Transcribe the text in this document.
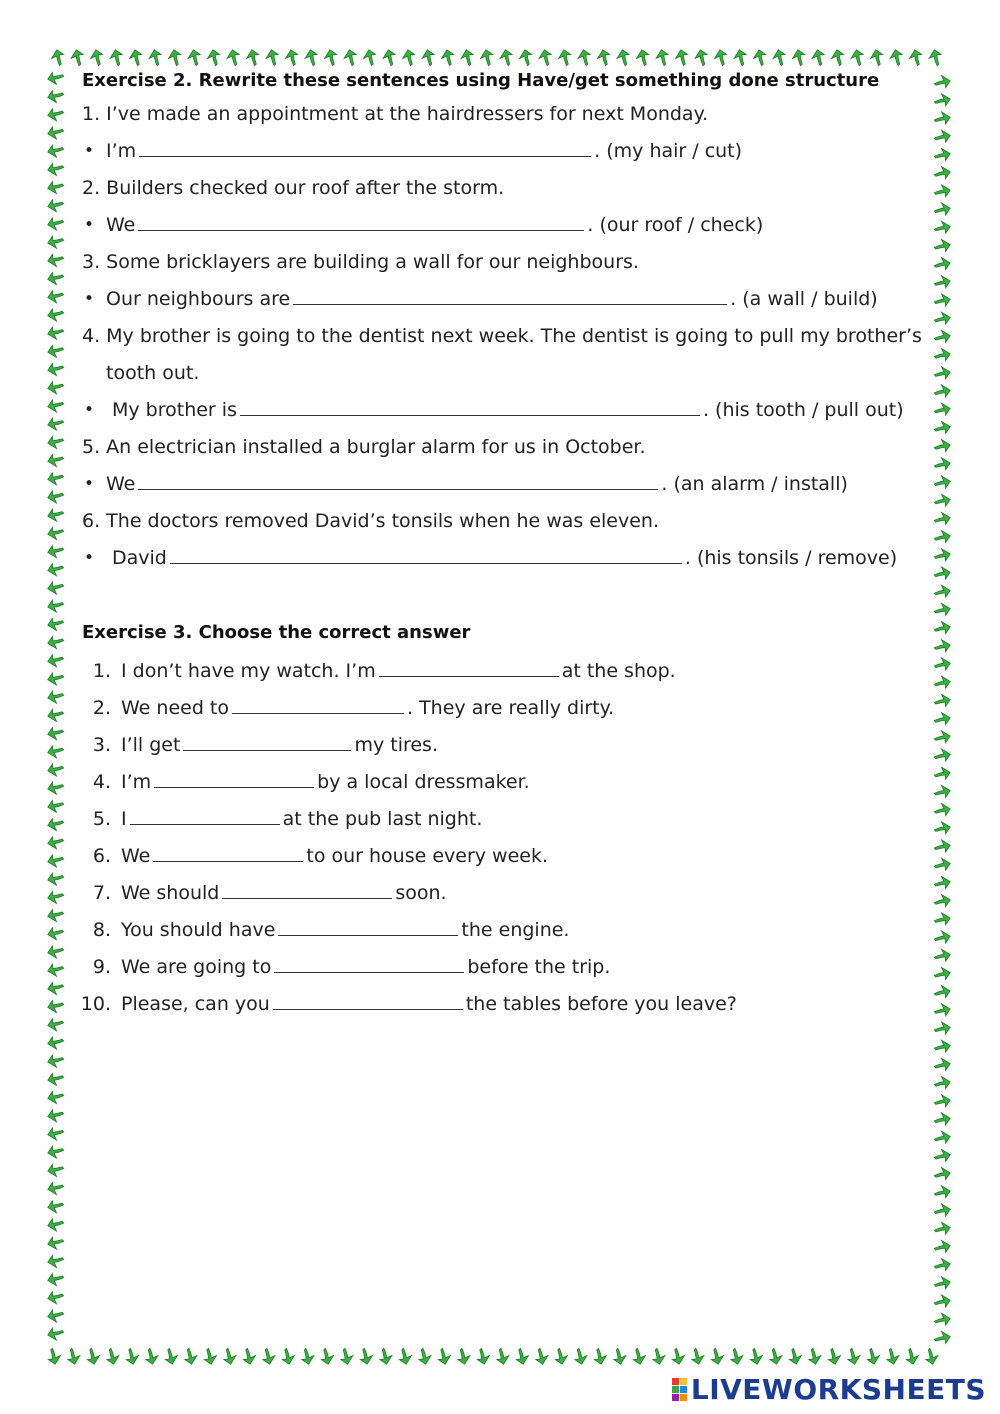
Exercise 2. Rewrite these sentences using Have/get something done structure
1. I’ve made an appointment at the hairdressers for next Monday.
• I’m	. (my hair / cut)
2. Builders checked our roof after the storm.
• We	. (our roof / check)
3. Some bricklayers are building a wall for our neighbours.
• Our neighbours are	. (a wall / build)
4. My brother is going to the dentist next week. The dentist is going to pull my brother’s
tooth out.
• My brother is	. (his tooth / pull out)
5. An electrician installed a burglar alarm for us in October.
• We	. (an alarm / install)
6. The doctors removed David’s tonsils when he was eleven.
• David	. (his tonsils / remove)
Exercise 3. Choose the correct answer
1. I don’t have my watch. I’m	at the shop.
2. We need to	. They are really dirty.
3. I’ll get	my tires.
4. I’m	by a local dressmaker.
5. I	at the pub last night.
6. We	to our house every week.
7. We should	soon.
8. You should have	the engine.
9. We are going to	before the trip.
10. Please, can you	the tables before you leave?
LIVEWORKSHEETS
